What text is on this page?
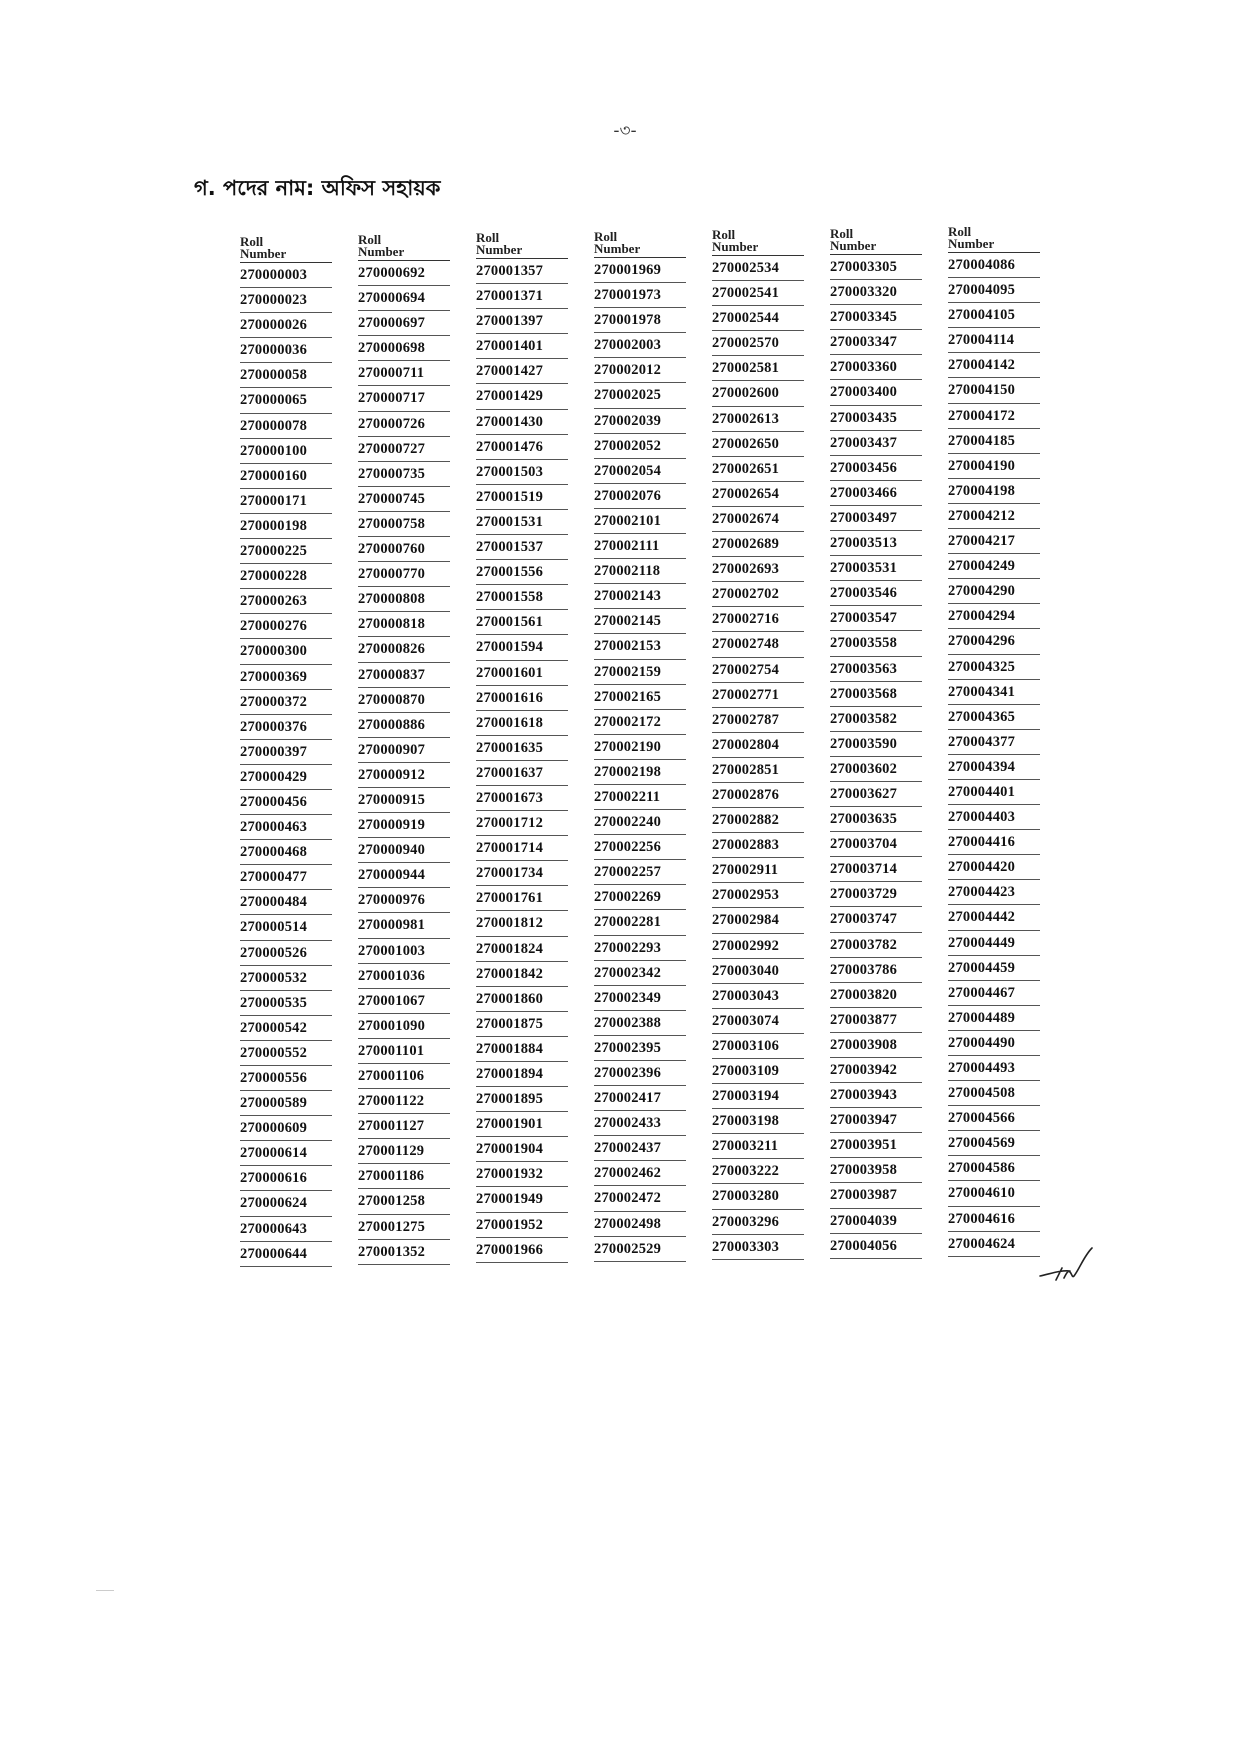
-৩-
গ. পদের নাম: অফিস সহায়ক
Roll
Number
270000003
270000023
270000026
270000036
270000058
270000065
270000078
270000100
270000160
270000171
270000198
270000225
270000228
270000263
270000276
270000300
270000369
270000372
270000376
270000397
270000429
270000456
270000463
270000468
270000477
270000484
270000514
270000526
270000532
270000535
270000542
270000552
270000556
270000589
270000609
270000614
270000616
270000624
270000643
270000644
Roll
Number
270000692
270000694
270000697
270000698
270000711
270000717
270000726
270000727
270000735
270000745
270000758
270000760
270000770
270000808
270000818
270000826
270000837
270000870
270000886
270000907
270000912
270000915
270000919
270000940
270000944
270000976
270000981
270001003
270001036
270001067
270001090
270001101
270001106
270001122
270001127
270001129
270001186
270001258
270001275
270001352
Roll
Number
270001357
270001371
270001397
270001401
270001427
270001429
270001430
270001476
270001503
270001519
270001531
270001537
270001556
270001558
270001561
270001594
270001601
270001616
270001618
270001635
270001637
270001673
270001712
270001714
270001734
270001761
270001812
270001824
270001842
270001860
270001875
270001884
270001894
270001895
270001901
270001904
270001932
270001949
270001952
270001966
Roll
Number
270001969
270001973
270001978
270002003
270002012
270002025
270002039
270002052
270002054
270002076
270002101
270002111
270002118
270002143
270002145
270002153
270002159
270002165
270002172
270002190
270002198
270002211
270002240
270002256
270002257
270002269
270002281
270002293
270002342
270002349
270002388
270002395
270002396
270002417
270002433
270002437
270002462
270002472
270002498
270002529
Roll
Number
270002534
270002541
270002544
270002570
270002581
270002600
270002613
270002650
270002651
270002654
270002674
270002689
270002693
270002702
270002716
270002748
270002754
270002771
270002787
270002804
270002851
270002876
270002882
270002883
270002911
270002953
270002984
270002992
270003040
270003043
270003074
270003106
270003109
270003194
270003198
270003211
270003222
270003280
270003296
270003303
Roll
Number
270003305
270003320
270003345
270003347
270003360
270003400
270003435
270003437
270003456
270003466
270003497
270003513
270003531
270003546
270003547
270003558
270003563
270003568
270003582
270003590
270003602
270003627
270003635
270003704
270003714
270003729
270003747
270003782
270003786
270003820
270003877
270003908
270003942
270003943
270003947
270003951
270003958
270003987
270004039
270004056
Roll
Number
270004086
270004095
270004105
270004114
270004142
270004150
270004172
270004185
270004190
270004198
270004212
270004217
270004249
270004290
270004294
270004296
270004325
270004341
270004365
270004377
270004394
270004401
270004403
270004416
270004420
270004423
270004442
270004449
270004459
270004467
270004489
270004490
270004493
270004508
270004566
270004569
270004586
270004610
270004616
270004624
